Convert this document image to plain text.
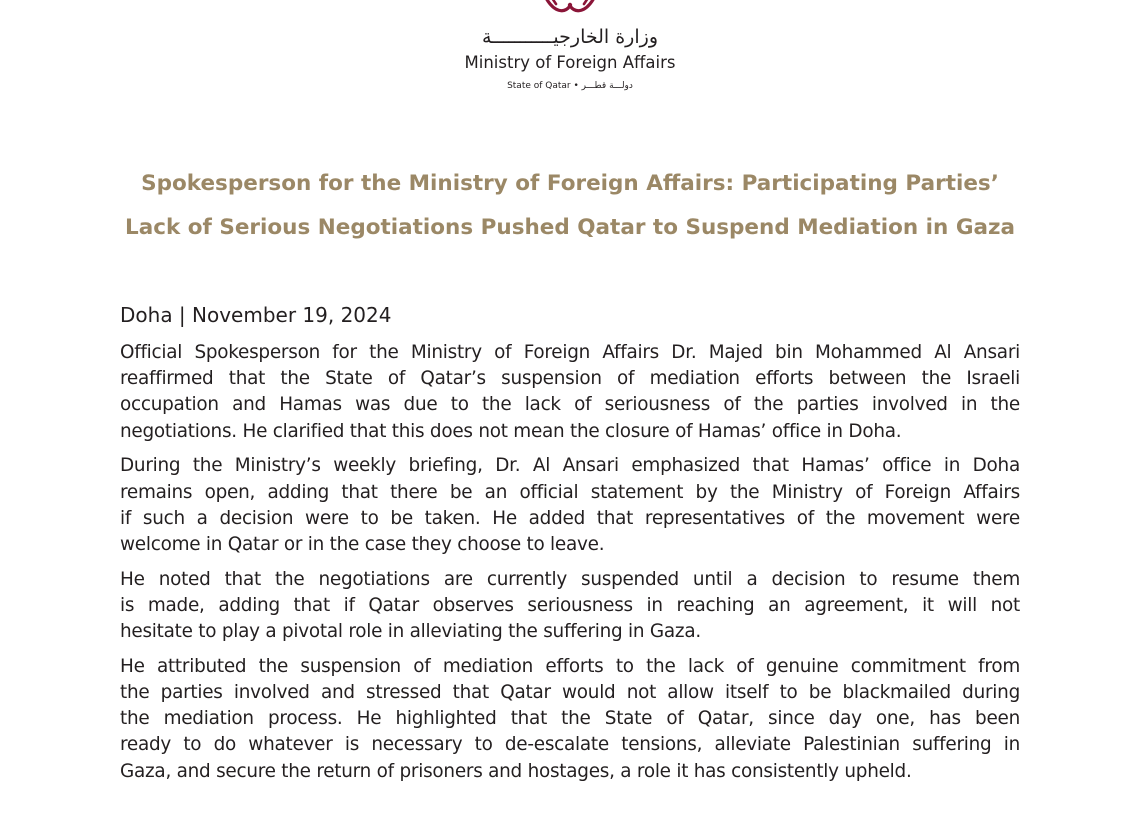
وزارة الخارجيـــــــــــة
Ministry of Foreign Affairs
State of Qatar • دولـــة قطـــر
Spokesperson for the Ministry of Foreign Affairs: Participating Parties’
Lack of Serious Negotiations Pushed Qatar to Suspend Mediation in Gaza
Doha | November 19, 2024

Official Spokesperson for the Ministry of Foreign Affairs Dr. Majed bin Mohammed Al Ansari
reaffirmed that the State of Qatar’s suspension of mediation efforts between the Israeli
occupation and Hamas was due to the lack of seriousness of the parties involved in the
negotiations. He clarified that this does not mean the closure of Hamas’ office in Doha.

During the Ministry’s weekly briefing, Dr. Al Ansari emphasized that Hamas’ office in Doha
remains open, adding that there be an official statement by the Ministry of Foreign Affairs
if such a decision were to be taken. He added that representatives of the movement were
welcome in Qatar or in the case they choose to leave.

He noted that the negotiations are currently suspended until a decision to resume them
is made, adding that if Qatar observes seriousness in reaching an agreement, it will not
hesitate to play a pivotal role in alleviating the suffering in Gaza.

He attributed the suspension of mediation efforts to the lack of genuine commitment from
the parties involved and stressed that Qatar would not allow itself to be blackmailed during
the mediation process. He highlighted that the State of Qatar, since day one, has been
ready to do whatever is necessary to de-escalate tensions, alleviate Palestinian suffering in
Gaza, and secure the return of prisoners and hostages, a role it has consistently upheld.
